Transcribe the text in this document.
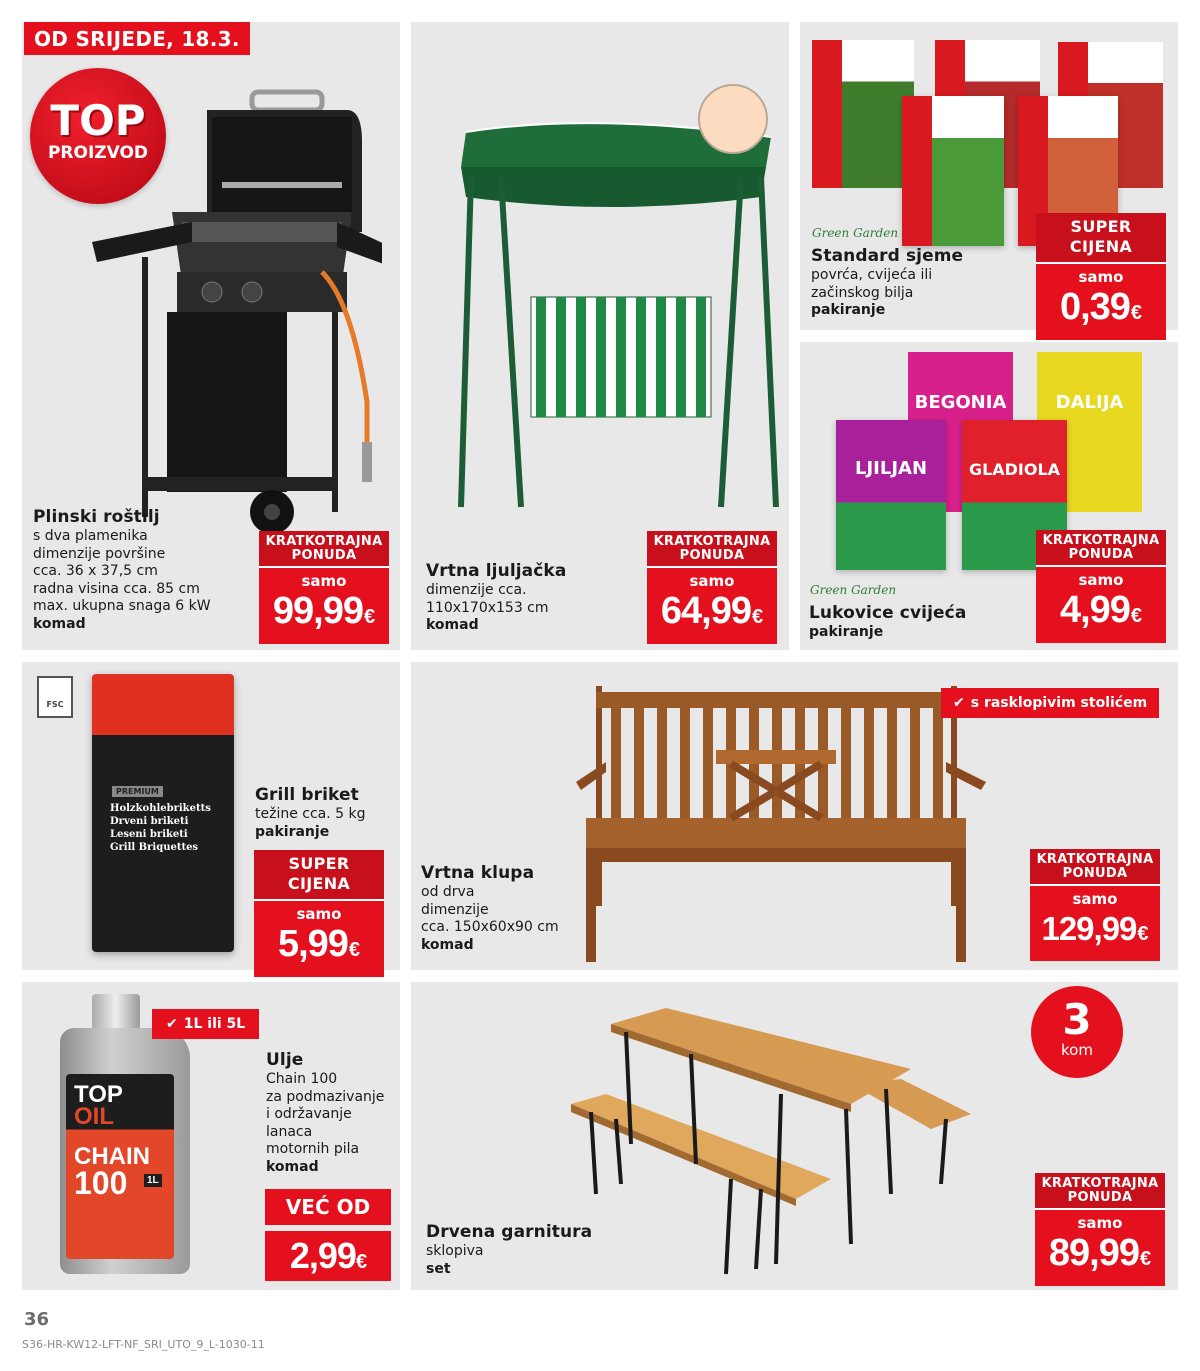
OD SRIJEDE, 18.3.
TOP
PROIZVOD
Plinski roštilj
s dva plamenika
dimenzije površine
cca. 36 x 37,5 cm
radna visina cca. 85 cm
max. ukupna snaga 6 kW
komad
KRATKOTRAJNA
PONUDA
samo
99,99€
Vrtna ljuljačka
dimenzije cca.
110x170x153 cm
komad
KRATKOTRAJNA
PONUDA
samo
64,99€
Green Garden
Standard sjeme
povrća, cvijeća ili
začinskog bilja
pakiranje
SUPER CIJENA
samo
0,39€
BEGONIA	DALIJA
LJILJAN	GLADIOLA
Green Garden
Lukovice cvijeća
pakiranje
KRATKOTRAJNA
PONUDA
samo
4,99€
FSC
PREMIUM
Holzkohlebriketts
Drveni briketi
Leseni briketi
Grill Briquettes
Grill briket
težine cca. 5 kg
pakiranje
SUPER CIJENA
samo
5,99€
✔ s rasklopivim stolićem
Vrtna klupa
od drva
dimenzije
cca. 150x60x90 cm
komad
KRATKOTRAJNA
PONUDA
samo
129,99€
TOP
OIL
CHAIN
100	1L
✔ 1L ili 5L
Ulje
Chain 100
za podmazivanje
i održavanje
lanaca
motornih pila
komad
VEĆ OD
2,99€
3
kom
Drvena garnitura
sklopiva
set
KRATKOTRAJNA
PONUDA
samo
89,99€
36
S36-HR-KW12-LFT-NF_SRI_UTO_9_L-1030-11
